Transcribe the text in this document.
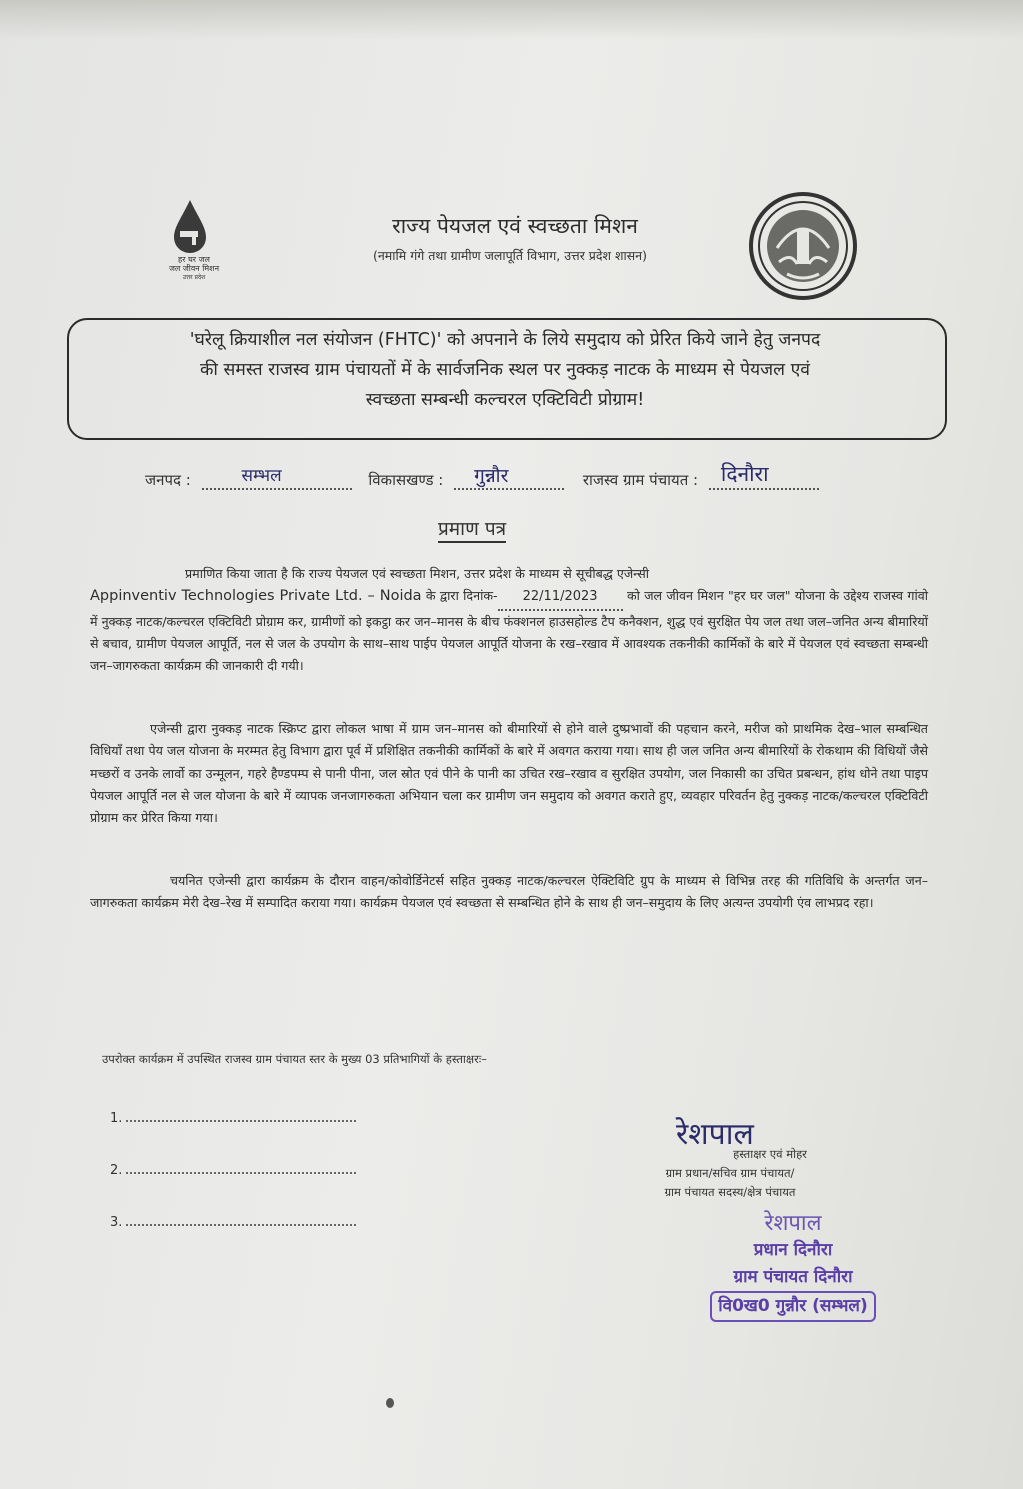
हर घर जल
जल जीवन मिशन
उत्तर प्रदेश
राज्य पेयजल एवं स्वच्छता मिशन
(नमामि गंगे तथा ग्रामीण जलापूर्ति विभाग, उत्तर प्रदेश शासन)
'घरेलू क्रियाशील नल संयोजन (FHTC)' को अपनाने के लिये समुदाय को प्रेरित किये जाने हेतु जनपद
की समस्त राजस्व ग्राम पंचायतों में के सार्वजनिक स्थल पर नुक्कड़ नाटक के माध्यम से पेयजल एवं
स्वच्छता सम्बन्धी कल्चरल एक्टिविटी प्रोग्राम!
जनपद :	सम्भल	विकासखण्ड : गुन्नौर	राजस्व ग्राम पंचायत : दिनौरा
प्रमाण पत्र
प्रमाणित किया जाता है कि राज्य पेयजल एवं स्वच्छता मिशन, उत्तर प्रदेश के माध्यम से सूचीबद्ध एजेन्सी
Appinventiv Technologies Private Ltd. – Noida के द्वारा दिनांक- 22/11/2023 को जल जीवन मिशन "हर घर जल" योजना के उद्देश्य राजस्व गांवो में नुक्कड़ नाटक/कल्चरल एक्टिविटी प्रोग्राम कर, ग्रामीणों को इकट्ठा कर जन–मानस के बीच फंक्शनल हाउसहोल्ड टैप कनैक्शन, शुद्ध एवं सुरक्षित पेय जल तथा जल–जनित अन्य बीमारियों से बचाव, ग्रामीण पेयजल आपूर्ति, नल से जल के उपयोग के साथ–साथ पाईप पेयजल आपूर्ति योजना के रख–रखाव में आवश्यक तकनीकी कार्मिकों के बारे में पेयजल एवं स्वच्छता सम्बन्धी जन–जागरुकता कार्यक्रम की जानकारी दी गयी।
एजेन्सी द्वारा नुक्कड़ नाटक स्क्रिप्ट द्वारा लोकल भाषा में ग्राम जन–मानस को बीमारियों से होने वाले दुष्प्रभावों की पहचान करने, मरीज को प्राथमिक देख–भाल सम्बन्धित विधियाँ तथा पेय जल योजना के मरम्मत हेतु विभाग द्वारा पूर्व में प्रशिक्षित तकनीकी कार्मिकों के बारे में अवगत कराया गया। साथ ही जल जनित अन्य बीमारियों के रोकथाम की विधियों जैसे मच्छरों व उनके लार्वो का उन्मूलन, गहरे हैण्डपम्प से पानी पीना, जल स्रोत एवं पीने के पानी का उचित रख–रखाव व सुरक्षित उपयोग, जल निकासी का उचित प्रबन्धन, हांथ धोने तथा पाइप पेयजल आपूर्ति नल से जल योजना के बारे में व्यापक जनजागरुकता अभियान चला कर ग्रामीण जन समुदाय को अवगत कराते हुए, व्यवहार परिवर्तन हेतु नुक्कड़ नाटक/कल्चरल एक्टिविटी प्रोग्राम कर प्रेरित किया गया।
चयनित एजेन्सी द्वारा कार्यक्रम के दौरान वाहन/कोवोर्डिनेटर्स सहित नुक्कड़ नाटक/कल्चरल ऐक्टिविटि ग्रुप के माध्यम से विभिन्न तरह की गतिविधि के अन्तर्गत जन–जागरुकता कार्यक्रम मेरी देख–रेख में सम्पादित कराया गया। कार्यक्रम पेयजल एवं स्वच्छता से सम्बन्धित होने के साथ ही जन–समुदाय के लिए अत्यन्त उपयोगी एंव लाभप्रद रहा।
उपरोक्त कार्यक्रम में उपस्थित राजस्व ग्राम पंचायत स्तर के मुख्य 03 प्रतिभागियों के हस्ताक्षरः–
1.
2.
3.
रेशपाल
हस्ताक्षर एवं मोहर
ग्राम प्रधान/सचिव ग्राम पंचायत/
ग्राम पंचायत सदस्य/क्षेत्र पंचायत
रेशपाल
प्रधान दिनौरा
ग्राम पंचायत दिनौरा
वि0ख0 गुन्नौर (सम्भल)
